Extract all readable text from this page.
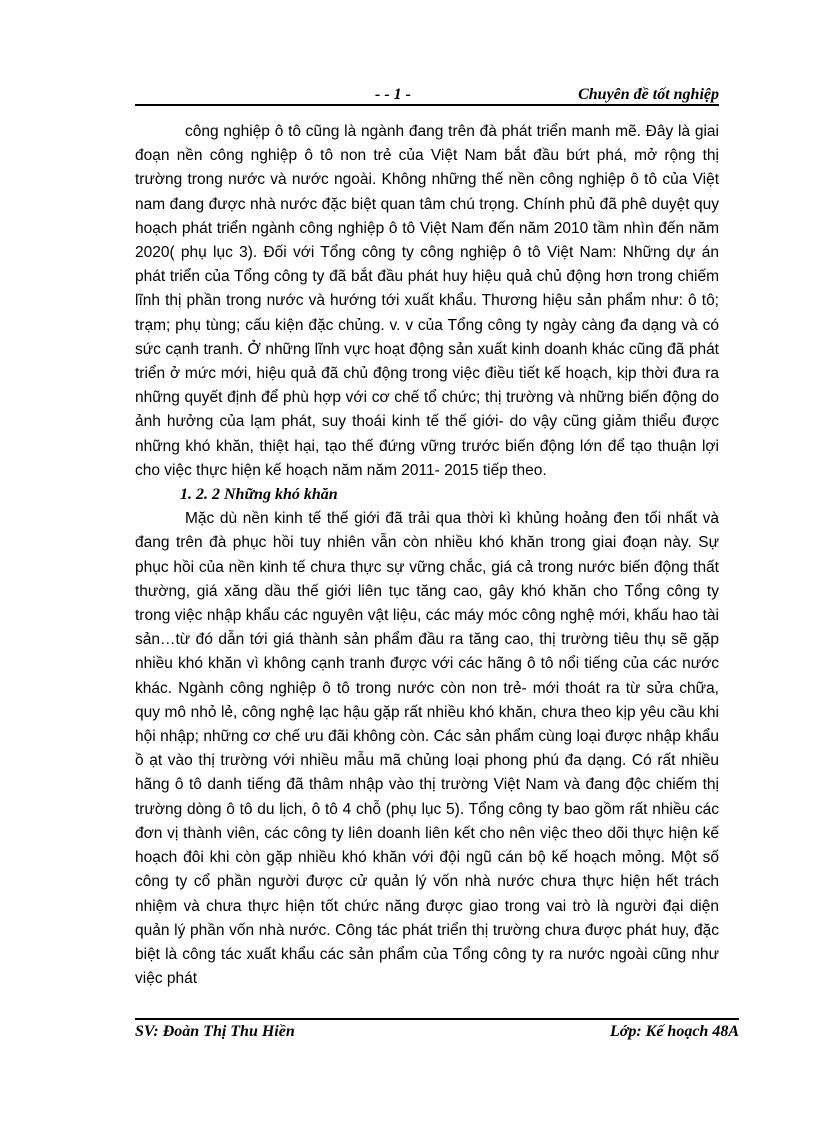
- - 1 -	Chuyên đề tốt nghiệp

công nghiệp ô tô cũng là ngành đang trên đà phát triển manh mẽ. Đây là giai đoạn nền công nghiệp ô tô non trẻ của Việt Nam bắt đầu bứt phá, mở rộng thị trường trong nước và nước ngoài. Không những thế nền công nghiệp ô tô của Việt nam đang được nhà nước đặc biệt quan tâm chú trọng. Chính phủ đã phê duyệt quy hoạch phát triển ngành công nghiệp ô tô Việt Nam đến năm 2010 tầm nhìn đến năm 2020( phụ lục 3). Đối với Tổng công ty công nghiệp ô tô Việt Nam: Những dự án phát triển của Tổng công ty đã bắt đầu phát huy hiệu quả chủ động hơn trong chiếm lĩnh thị phần trong nước và hướng tới xuất khẩu. Thương hiệu sản phẩm như: ô tô; trạm; phụ tùng; cấu kiện đặc chủng. v. v của Tổng công ty ngày càng đa dạng và có sức cạnh tranh. Ở những lĩnh vực hoạt động sản xuất kinh doanh khác cũng đã phát triển ở mức mới, hiệu quả đã chủ động trong việc điều tiết kế hoạch, kịp thời đưa ra những quyết định để phù hợp với cơ chế tổ chức; thị trường và những biến động do ảnh hưởng của lạm phát, suy thoái kinh tế thế giới- do vậy cũng giảm thiểu được những khó khăn, thiệt hại, tạo thế đứng vững trước biến động lớn để tạo thuận lợi cho việc thực hiện kế hoạch năm năm 2011- 2015 tiếp theo.

1. 2. 2 Những khó khăn

Mặc dù nền kinh tế thế giới đã trải qua thời kì khủng hoảng đen tối nhất và đang trên đà phục hồi tuy nhiên vẫn còn nhiều khó khăn trong giai đoạn này. Sự phục hồi của nền kinh tế chưa thực sự vững chắc, giá cả trong nước biến động thất thường, giá xăng dầu thế giới liên tục tăng cao, gây khó khăn cho Tổng công ty trong việc nhập khẩu các nguyên vật liệu, các máy móc công nghệ mới, khấu hao tài sản…từ đó dẫn tới giá thành sản phẩm đầu ra tăng cao, thị trường tiêu thụ sẽ gặp nhiều khó khăn vì không cạnh tranh được với các hãng ô tô nổi tiếng của các nước khác. Ngành công nghiệp ô tô trong nước còn non trẻ- mới thoát ra từ sửa chữa, quy mô nhỏ lẻ, công nghệ lạc hậu gặp rất nhiều khó khăn, chưa theo kịp yêu cầu khi hội nhập; những cơ chế ưu đãi không còn. Các sản phẩm cùng loại được nhập khẩu ồ ạt vào thị trường với nhiều mẫu mã chủng loại phong phú đa dạng. Có rất nhiều hãng ô tô danh tiếng đã thâm nhập vào thị trường Việt Nam và đang độc chiếm thị trường dòng ô tô du lịch, ô tô 4 chỗ (phụ lục 5). Tổng công ty bao gồm rất nhiều các đơn vị thành viên, các công ty liên doanh liên kết cho nên việc theo dõi thực hiện kế hoạch đôi khi còn gặp nhiều khó khăn với đội ngũ cán bộ kế hoạch mỏng. Một số công ty cổ phần người được cử quản lý vốn nhà nước chưa thực hiện hết trách nhiệm và chưa thực hiện tốt chức năng được giao trong vai trò là người đại diện quản lý phần vốn nhà nước. Công tác phát triển thị trường chưa được phát huy, đặc biệt là công tác xuất khẩu các sản phẩm của Tổng công ty ra nước ngoài cũng như việc phát

SV: Đoàn Thị Thu Hiền	Lớp: Kế hoạch 48A
